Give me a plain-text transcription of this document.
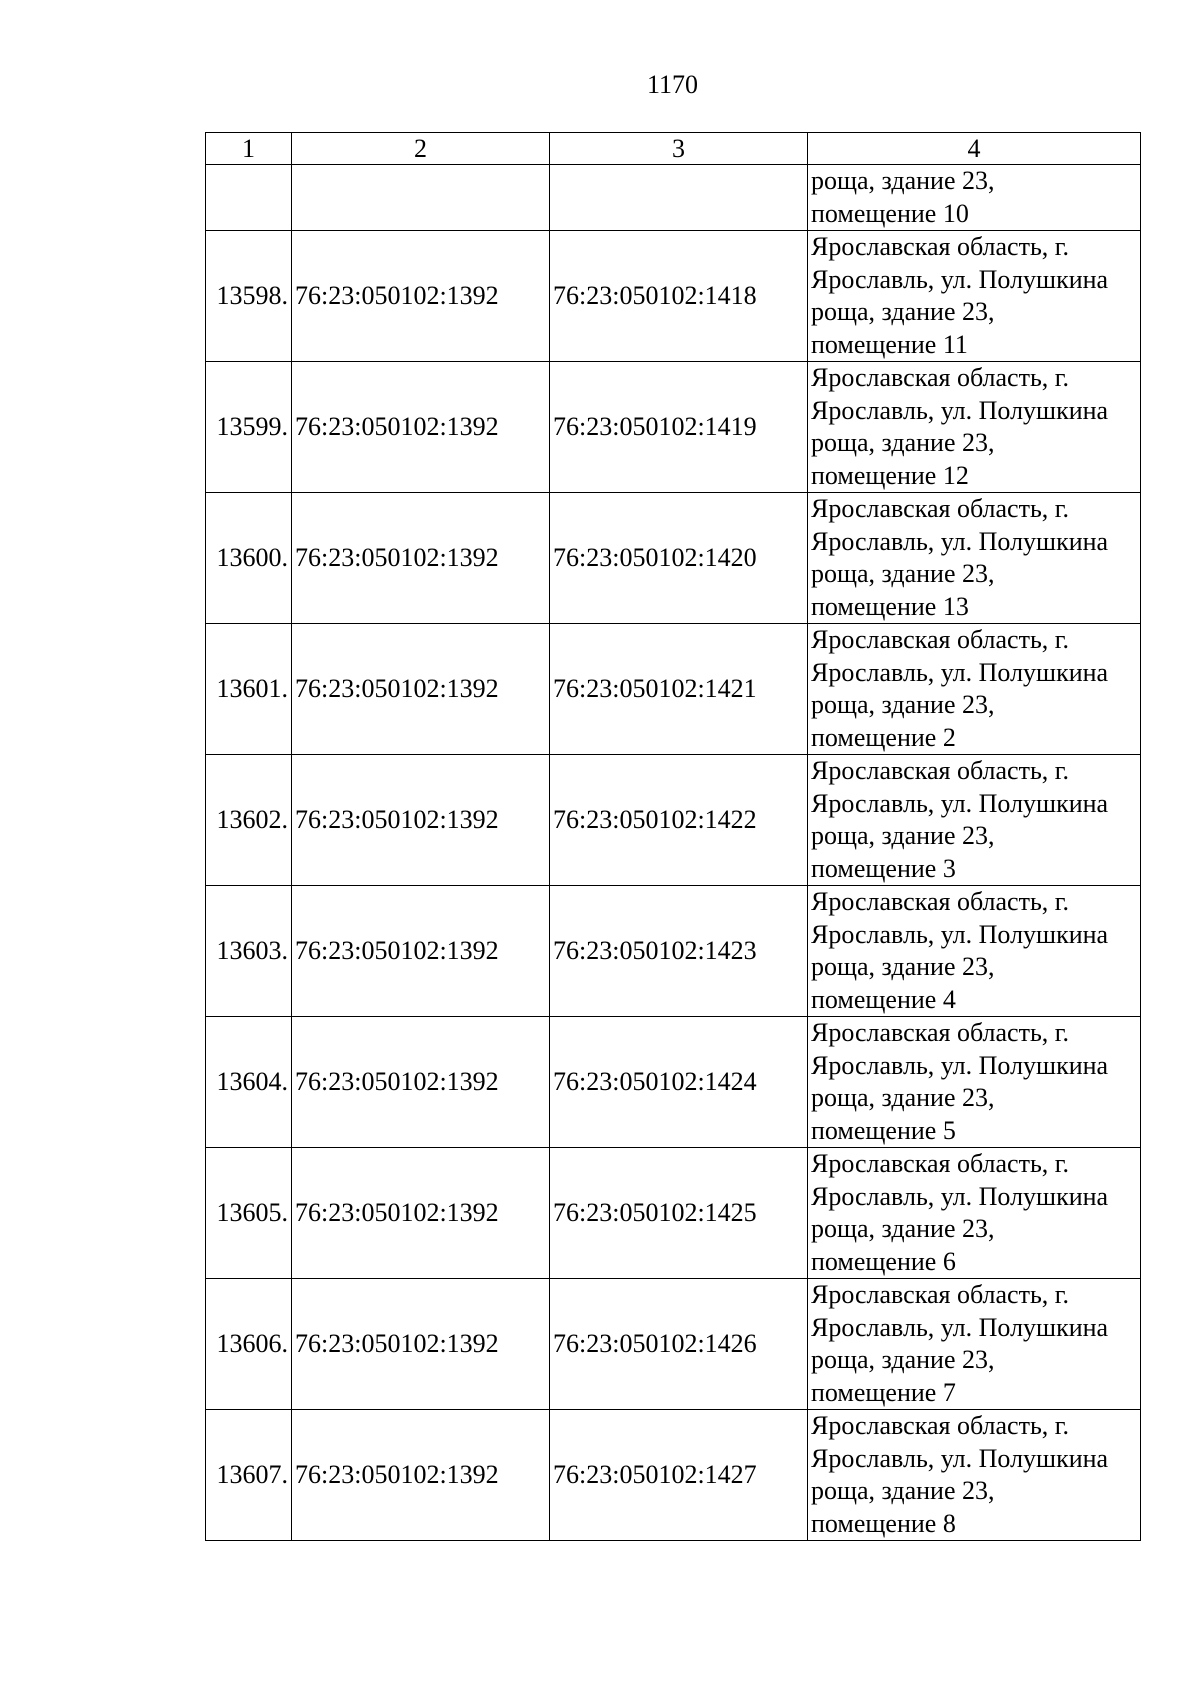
1170
1	2	3	4

			роща, здание 23,
помещение 10

13598.	76:23:050102:1392	76:23:050102:1418	Ярославская область, г.
Ярославль, ул. Полушкина
роща, здание 23,
помещение 11

13599.	76:23:050102:1392	76:23:050102:1419	Ярославская область, г.
Ярославль, ул. Полушкина
роща, здание 23,
помещение 12

13600.	76:23:050102:1392	76:23:050102:1420	Ярославская область, г.
Ярославль, ул. Полушкина
роща, здание 23,
помещение 13

13601.	76:23:050102:1392	76:23:050102:1421	Ярославская область, г.
Ярославль, ул. Полушкина
роща, здание 23,
помещение 2

13602.	76:23:050102:1392	76:23:050102:1422	Ярославская область, г.
Ярославль, ул. Полушкина
роща, здание 23,
помещение 3

13603.	76:23:050102:1392	76:23:050102:1423	Ярославская область, г.
Ярославль, ул. Полушкина
роща, здание 23,
помещение 4

13604.	76:23:050102:1392	76:23:050102:1424	Ярославская область, г.
Ярославль, ул. Полушкина
роща, здание 23,
помещение 5

13605.	76:23:050102:1392	76:23:050102:1425	Ярославская область, г.
Ярославль, ул. Полушкина
роща, здание 23,
помещение 6

13606.	76:23:050102:1392	76:23:050102:1426	Ярославская область, г.
Ярославль, ул. Полушкина
роща, здание 23,
помещение 7

13607.	76:23:050102:1392	76:23:050102:1427	Ярославская область, г.
Ярославль, ул. Полушкина
роща, здание 23,
помещение 8
